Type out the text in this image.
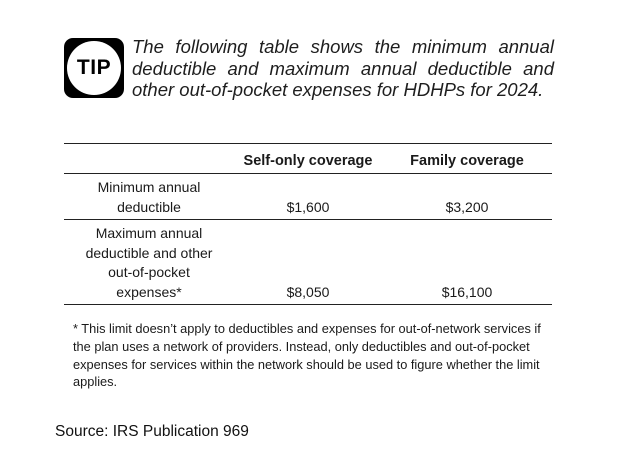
TIP

The following table shows the minimum annual deductible and maximum annual deductible and other out-of-pocket expenses for HDHPs for 2024.

	Self-only coverage	Family coverage
Minimum annual deductible	$1,600	$3,200
Maximum annual deductible and other out-of-pocket expenses*	$8,050	$16,100

* This limit doesn’t apply to deductibles and expenses for out-of-network services if the plan uses a network of providers. Instead, only deductibles and out-of-pocket expenses for services within the network should be used to figure whether the limit applies.

Source: IRS Publication 969
